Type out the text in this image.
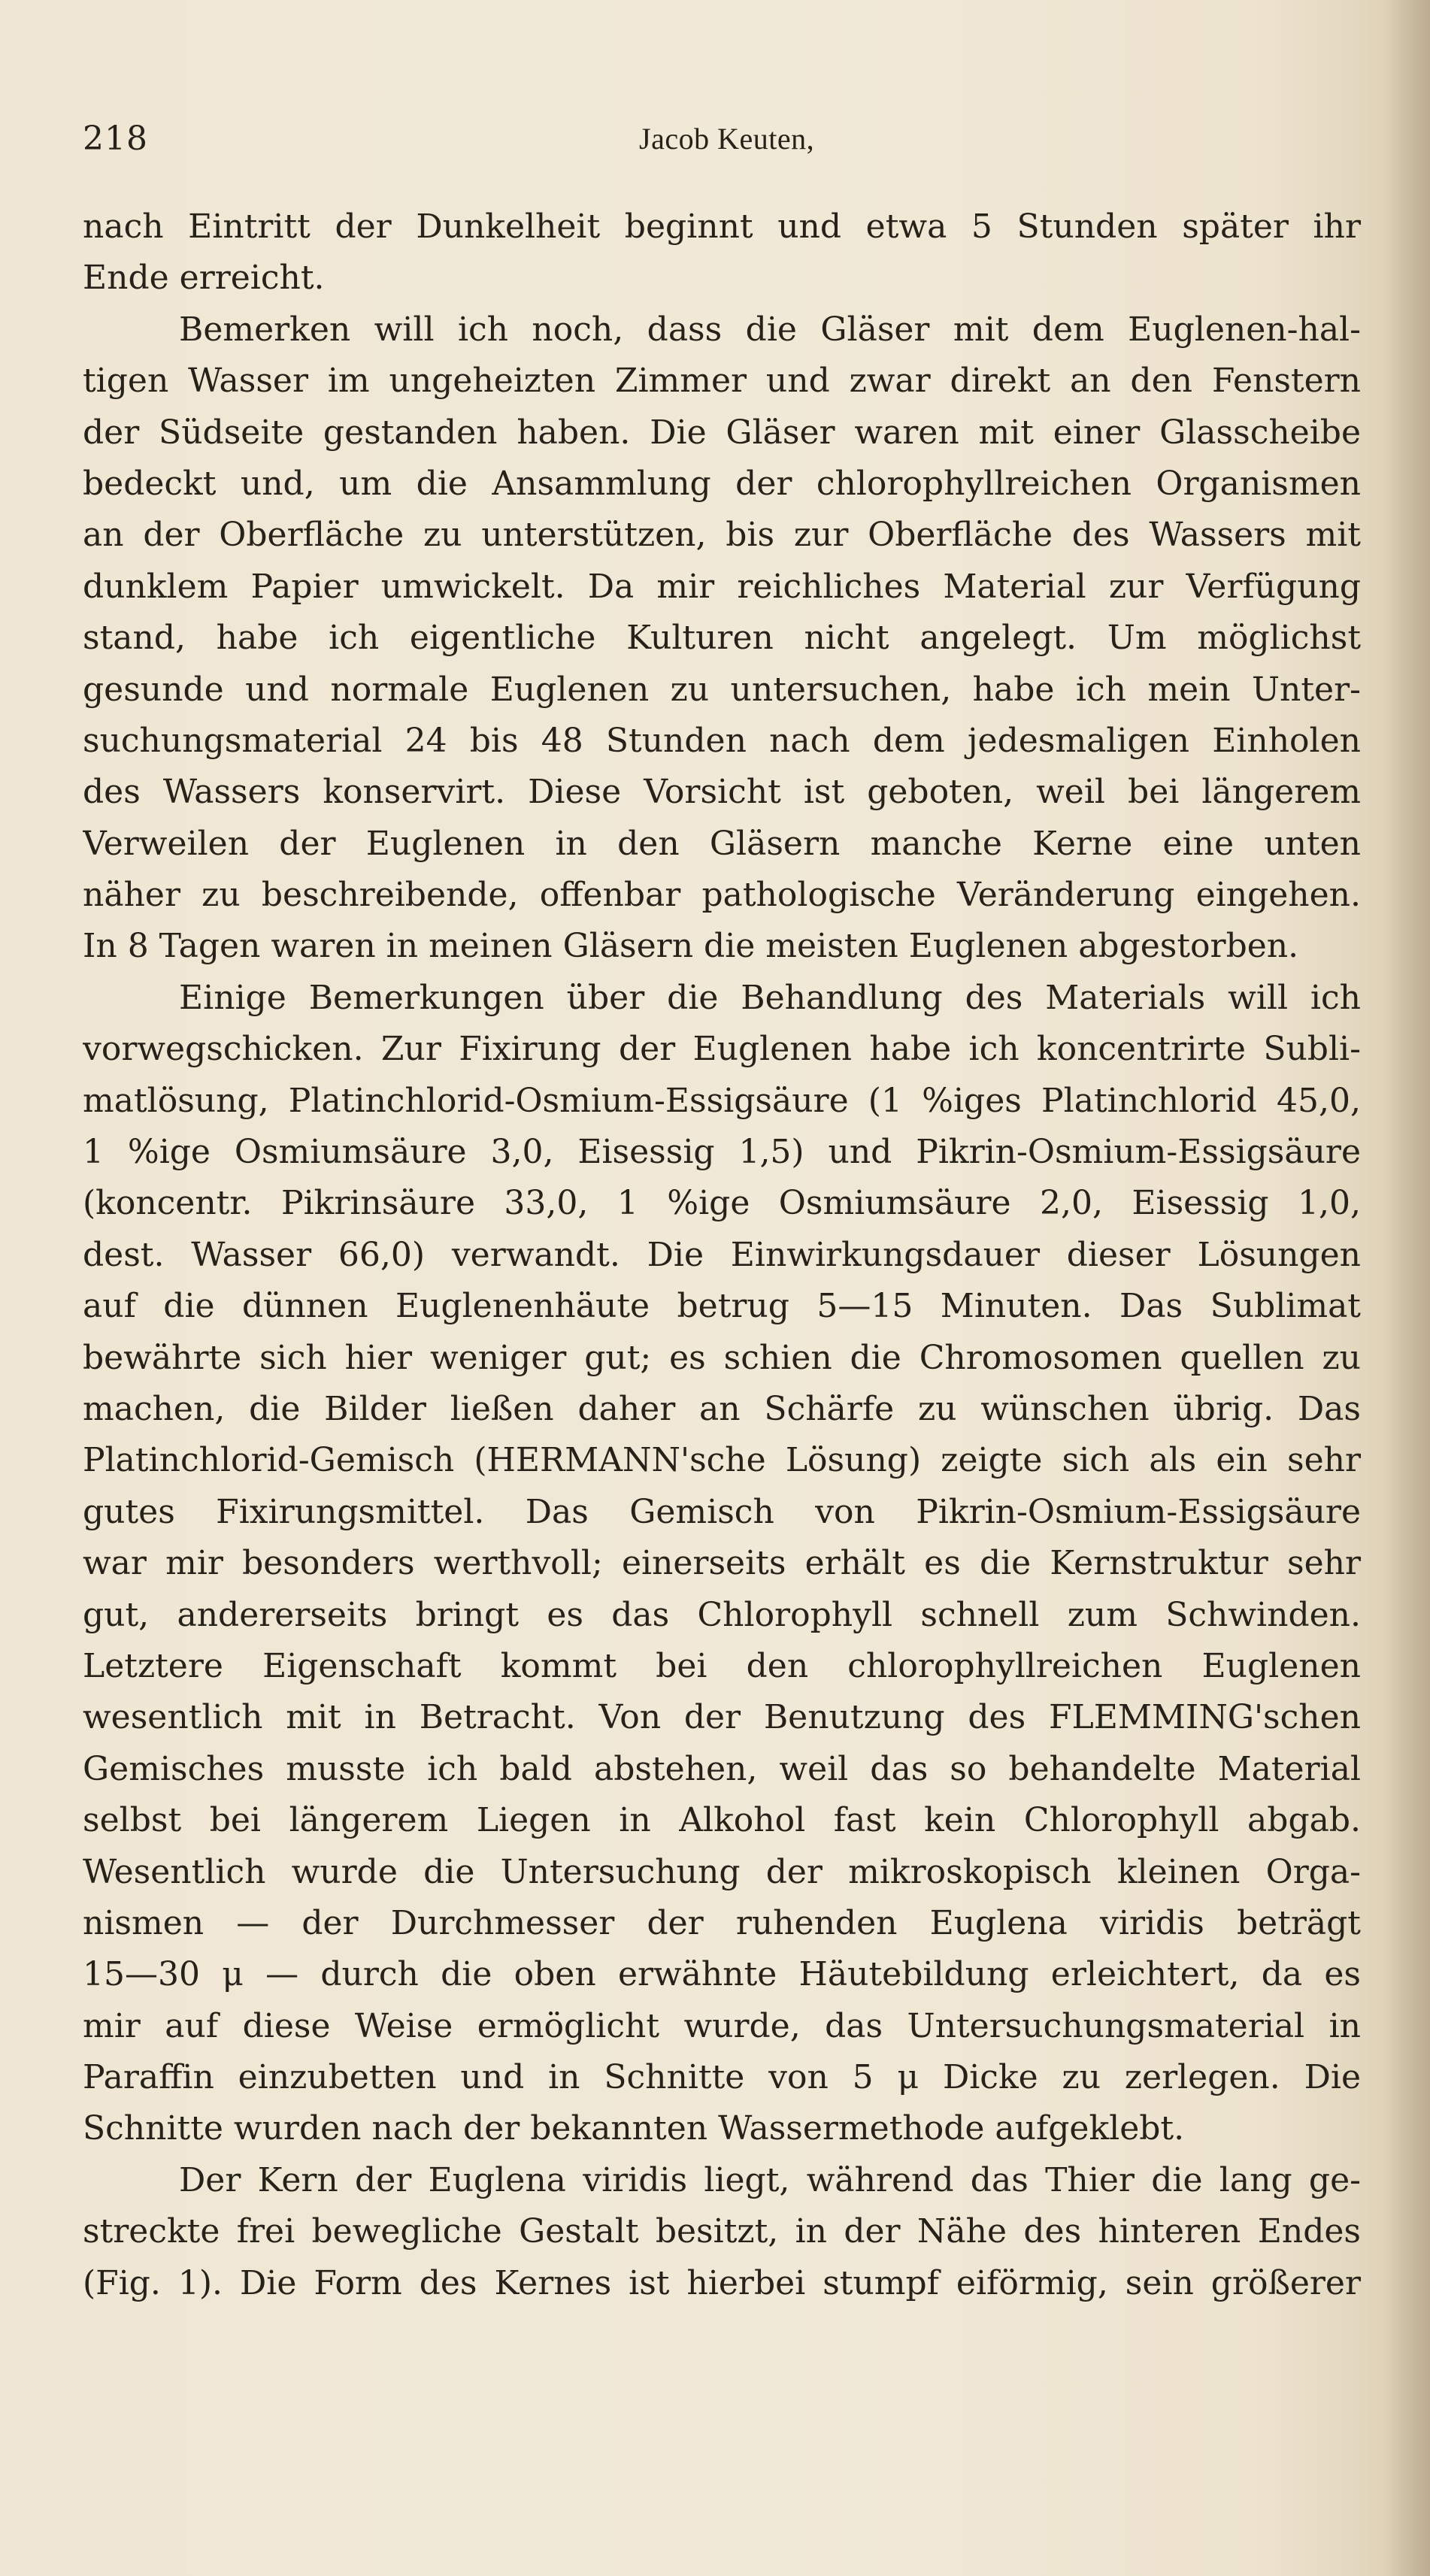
218	Jacob Keuten,
nach Eintritt der Dunkelheit beginnt und etwa 5 Stunden später ihr
Ende erreicht.
Bemerken will ich noch, dass die Gläser mit dem Euglenen-hal-
tigen Wasser im ungeheizten Zimmer und zwar direkt an den Fenstern
der Südseite gestanden haben. Die Gläser waren mit einer Glasscheibe
bedeckt und, um die Ansammlung der chlorophyllreichen Organismen
an der Oberfläche zu unterstützen, bis zur Oberfläche des Wassers mit
dunklem Papier umwickelt. Da mir reichliches Material zur Verfügung
stand, habe ich eigentliche Kulturen nicht angelegt. Um möglichst
gesunde und normale Euglenen zu untersuchen, habe ich mein Unter-
suchungsmaterial 24 bis 48 Stunden nach dem jedesmaligen Einholen
des Wassers konservirt. Diese Vorsicht ist geboten, weil bei längerem
Verweilen der Euglenen in den Gläsern manche Kerne eine unten
näher zu beschreibende, offenbar pathologische Veränderung eingehen.
In 8 Tagen waren in meinen Gläsern die meisten Euglenen abgestorben.
Einige Bemerkungen über die Behandlung des Materials will ich
vorwegschicken. Zur Fixirung der Euglenen habe ich koncentrirte Subli-
matlösung, Platinchlorid-Osmium-Essigsäure (1 %iges Platinchlorid 45,0,
1 %ige Osmiumsäure 3,0, Eisessig 1,5) und Pikrin-Osmium-Essigsäure
(koncentr. Pikrinsäure 33,0, 1 %ige Osmiumsäure 2,0, Eisessig 1,0,
dest. Wasser 66,0) verwandt. Die Einwirkungsdauer dieser Lösungen
auf die dünnen Euglenenhäute betrug 5—15 Minuten. Das Sublimat
bewährte sich hier weniger gut; es schien die Chromosomen quellen zu
machen, die Bilder ließen daher an Schärfe zu wünschen übrig. Das
Platinchlorid-Gemisch (HERMANN'sche Lösung) zeigte sich als ein sehr
gutes Fixirungsmittel. Das Gemisch von Pikrin-Osmium-Essigsäure
war mir besonders werthvoll; einerseits erhält es die Kernstruktur sehr
gut, andererseits bringt es das Chlorophyll schnell zum Schwinden.
Letztere Eigenschaft kommt bei den chlorophyllreichen Euglenen
wesentlich mit in Betracht. Von der Benutzung des FLEMMING'schen
Gemisches musste ich bald abstehen, weil das so behandelte Material
selbst bei längerem Liegen in Alkohol fast kein Chlorophyll abgab.
Wesentlich wurde die Untersuchung der mikroskopisch kleinen Orga-
nismen — der Durchmesser der ruhenden Euglena viridis beträgt
15—30 μ — durch die oben erwähnte Häutebildung erleichtert, da es
mir auf diese Weise ermöglicht wurde, das Untersuchungsmaterial in
Paraffin einzubetten und in Schnitte von 5 μ Dicke zu zerlegen. Die
Schnitte wurden nach der bekannten Wassermethode aufgeklebt.
Der Kern der Euglena viridis liegt, während das Thier die lang ge-
streckte frei bewegliche Gestalt besitzt, in der Nähe des hinteren Endes
(Fig. 1). Die Form des Kernes ist hierbei stumpf eiförmig, sein größerer
